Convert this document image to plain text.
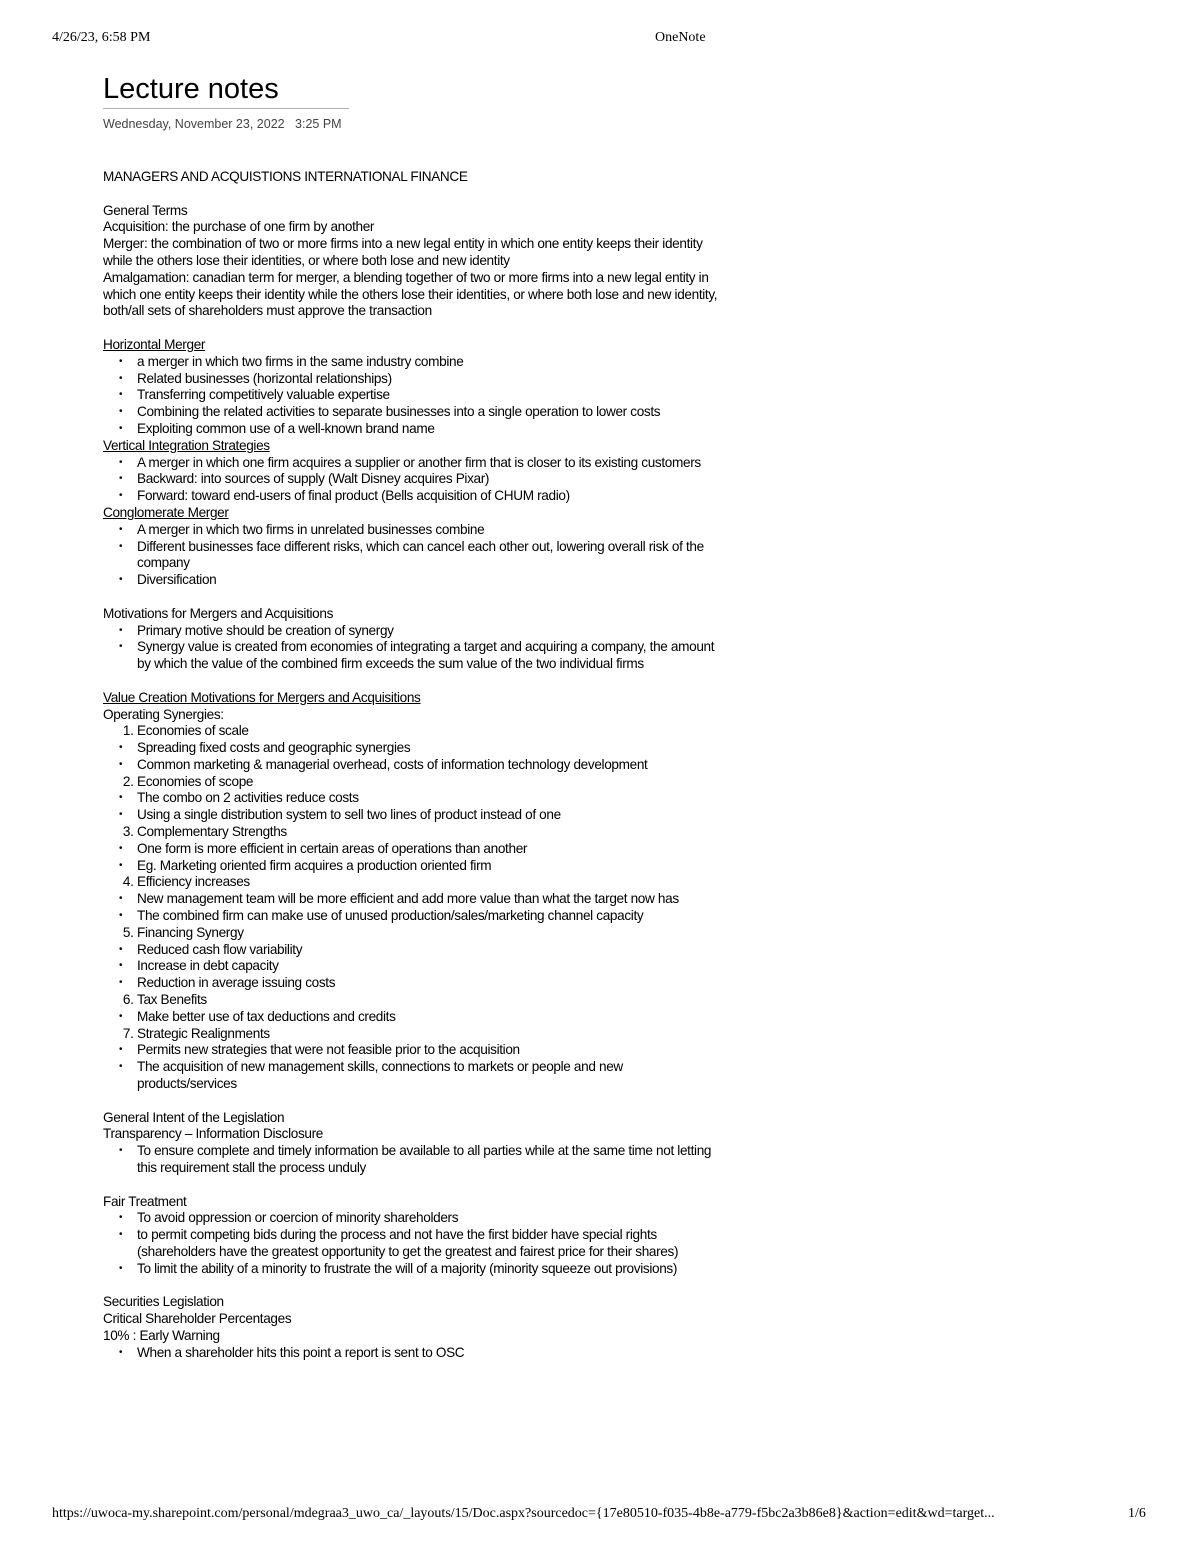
4/26/23, 6:58 PM	OneNote
Lecture notes
Wednesday, November 23, 2022 3:25 PM

MANAGERS AND ACQUISTIONS INTERNATIONAL FINANCE

General Terms

Acquisition: the purchase of one firm by another

Merger: the combination of two or more firms into a new legal entity in which one entity keeps their identity while the others lose their identities, or where both lose and new identity

Amalgamation: canadian term for merger, a blending together of two or more firms into a new legal entity in which one entity keeps their identity while the others lose their identities, or where both lose and new identity, both/all sets of shareholders must approve the transaction

Horizontal Merger

• a merger in which two firms in the same industry combine
• Related businesses (horizontal relationships)
• Transferring competitively valuable expertise
• Combining the related activities to separate businesses into a single operation to lower costs
• Exploiting common use of a well-known brand name

Vertical Integration Strategies

• A merger in which one firm acquires a supplier or another firm that is closer to its existing customers
• Backward: into sources of supply (Walt Disney acquires Pixar)
• Forward: toward end-users of final product (Bells acquisition of CHUM radio)

Conglomerate Merger

• A merger in which two firms in unrelated businesses combine
• Different businesses face different risks, which can cancel each other out, lowering overall risk of the company
• Diversification

Motivations for Mergers and Acquisitions

• Primary motive should be creation of synergy
• Synergy value is created from economies of integrating a target and acquiring a company, the amount by which the value of the combined firm exceeds the sum value of the two individual firms

Value Creation Motivations for Mergers and Acquisitions

Operating Synergies:

1. Economies of scale
• Spreading fixed costs and geographic synergies
• Common marketing & managerial overhead, costs of information technology development
2. Economies of scope
• The combo on 2 activities reduce costs
• Using a single distribution system to sell two lines of product instead of one
3. Complementary Strengths
• One form is more efficient in certain areas of operations than another
• Eg. Marketing oriented firm acquires a production oriented firm
4. Efficiency increases
• New management team will be more efficient and add more value than what the target now has
• The combined firm can make use of unused production/sales/marketing channel capacity
5. Financing Synergy
• Reduced cash flow variability
• Increase in debt capacity
• Reduction in average issuing costs
6. Tax Benefits
• Make better use of tax deductions and credits
7. Strategic Realignments
• Permits new strategies that were not feasible prior to the acquisition
• The acquisition of new management skills, connections to markets or people and new products/services

General Intent of the Legislation

Transparency – Information Disclosure

• To ensure complete and timely information be available to all parties while at the same time not letting this requirement stall the process unduly

Fair Treatment

• To avoid oppression or coercion of minority shareholders
• to permit competing bids during the process and not have the first bidder have special rights (shareholders have the greatest opportunity to get the greatest and fairest price for their shares)
• To limit the ability of a minority to frustrate the will of a majority (minority squeeze out provisions)

Securities Legislation

Critical Shareholder Percentages

10% : Early Warning

• When a shareholder hits this point a report is sent to OSC
https://uwoca-my.sharepoint.com/personal/mdegraa3_uwo_ca/_layouts/15/Doc.aspx?sourcedoc={17e80510-f035-4b8e-a779-f5bc2a3b86e8}&action=edit&wd=target...	1/6
